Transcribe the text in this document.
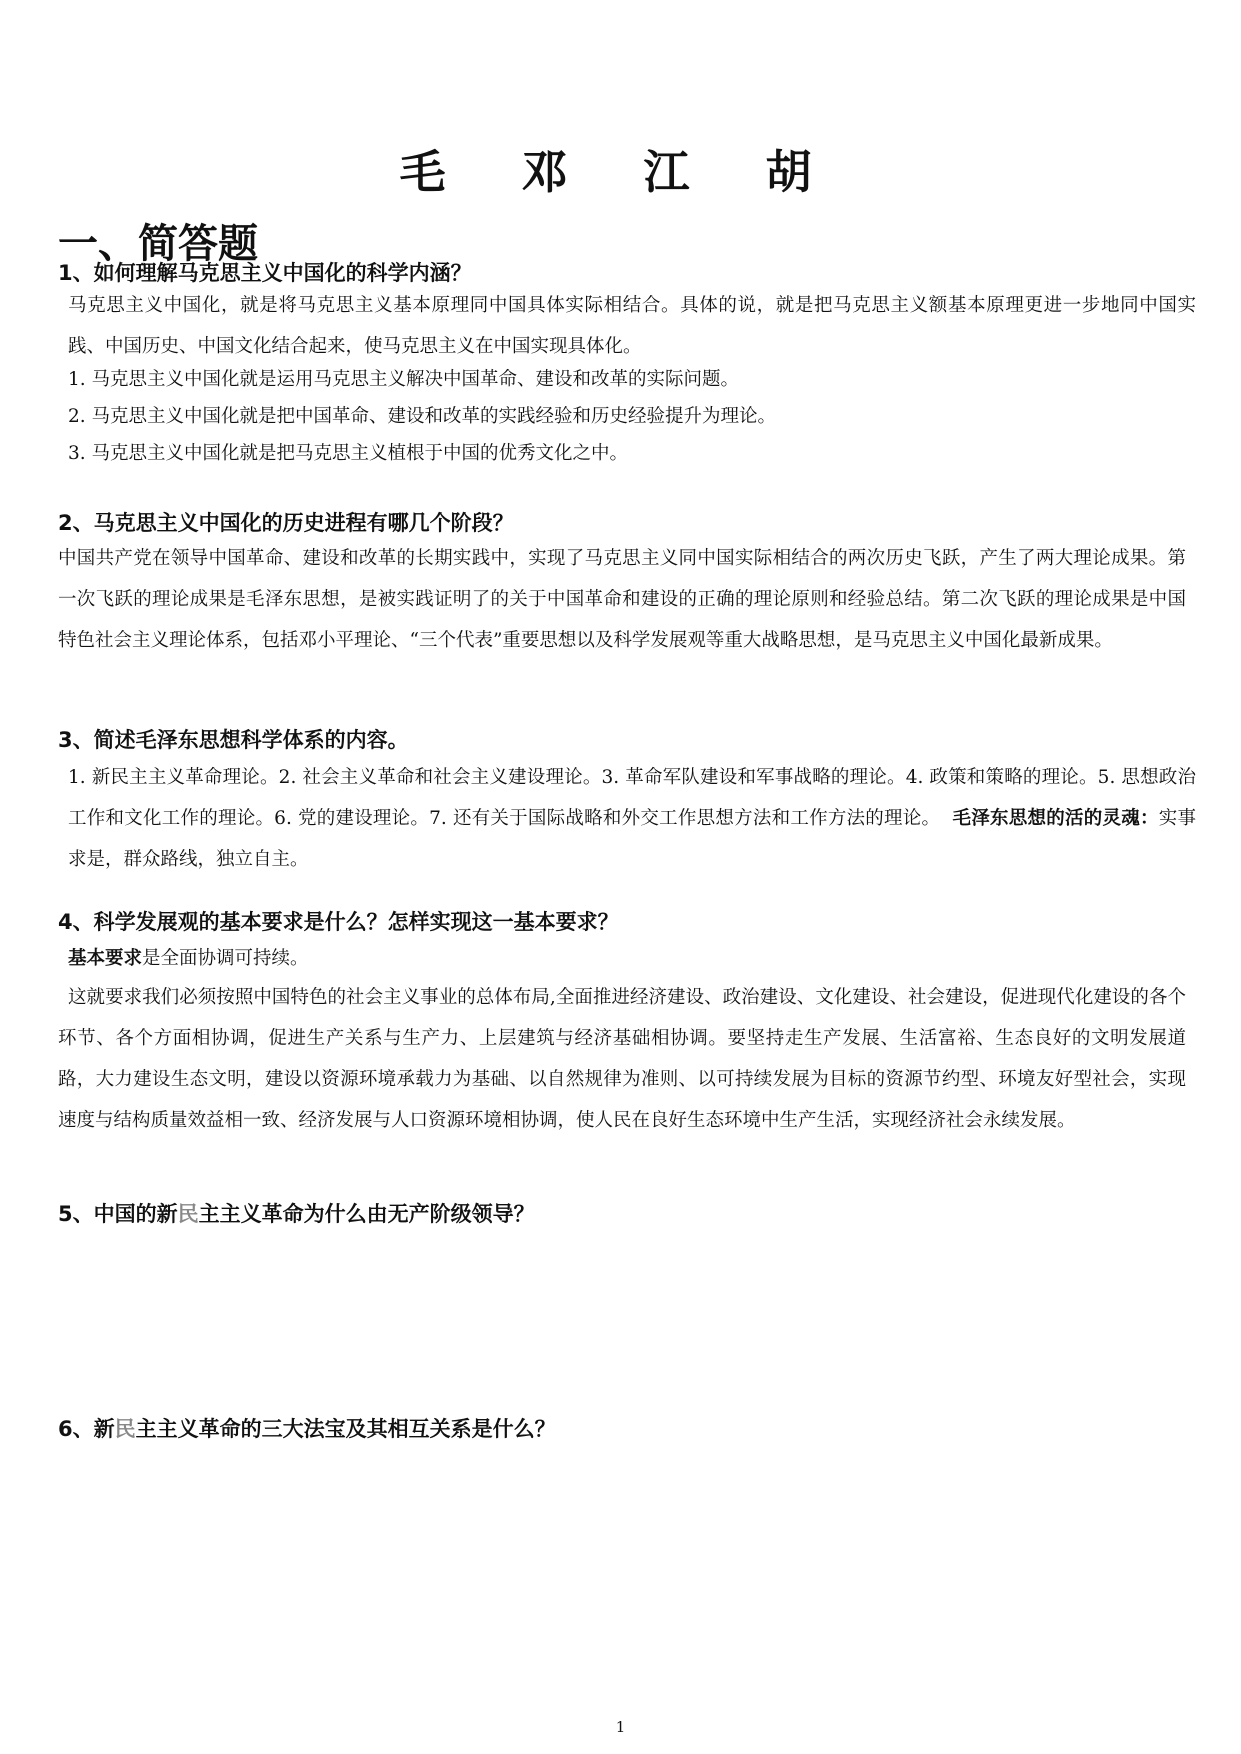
毛 邓 江 胡
一、简答题
1、如何理解马克思主义中国化的科学内涵？
马克思主义中国化，就是将马克思主义基本原理同中国具体实际相结合。具体的说，就是把马克思主义额基本原理更进一步地同中国实践、中国历史、中国文化结合起来，使马克思主义在中国实现具体化。
1. 马克思主义中国化就是运用马克思主义解决中国革命、建设和改革的实际问题。
2. 马克思主义中国化就是把中国革命、建设和改革的实践经验和历史经验提升为理论。
3. 马克思主义中国化就是把马克思主义植根于中国的优秀文化之中。
2、马克思主义中国化的历史进程有哪几个阶段？
中国共产党在领导中国革命、建设和改革的长期实践中，实现了马克思主义同中国实际相结合的两次历史飞跃，产生了两大理论成果。第一次飞跃的理论成果是毛泽东思想，是被实践证明了的关于中国革命和建设的正确的理论原则和经验总结。第二次飞跃的理论成果是中国特色社会主义理论体系，包括邓小平理论、“三个代表”重要思想以及科学发展观等重大战略思想，是马克思主义中国化最新成果。
3、简述毛泽东思想科学体系的内容。
1. 新民主主义革命理论。2. 社会主义革命和社会主义建设理论。3. 革命军队建设和军事战略的理论。4. 政策和策略的理论。5. 思想政治工作和文化工作的理论。6. 党的建设理论。7. 还有关于国际战略和外交工作思想方法和工作方法的理论。 毛泽东思想的活的灵魂：实事求是，群众路线，独立自主。
4、科学发展观的基本要求是什么？怎样实现这一基本要求？
基本要求是全面协调可持续。
这就要求我们必须按照中国特色的社会主义事业的总体布局,全面推进经济建设、政治建设、文化建设、社会建设，促进现代化建设的各个环节、各个方面相协调，促进生产关系与生产力、上层建筑与经济基础相协调。要坚持走生产发展、生活富裕、生态良好的文明发展道路，大力建设生态文明，建设以资源环境承载力为基础、以自然规律为准则、以可持续发展为目标的资源节约型、环境友好型社会，实现速度与结构质量效益相一致、经济发展与人口资源环境相协调，使人民在良好生态环境中生产生活，实现经济社会永续发展。
5、中国的新民主主义革命为什么由无产阶级领导？
6、新民主主义革命的三大法宝及其相互关系是什么？
1
